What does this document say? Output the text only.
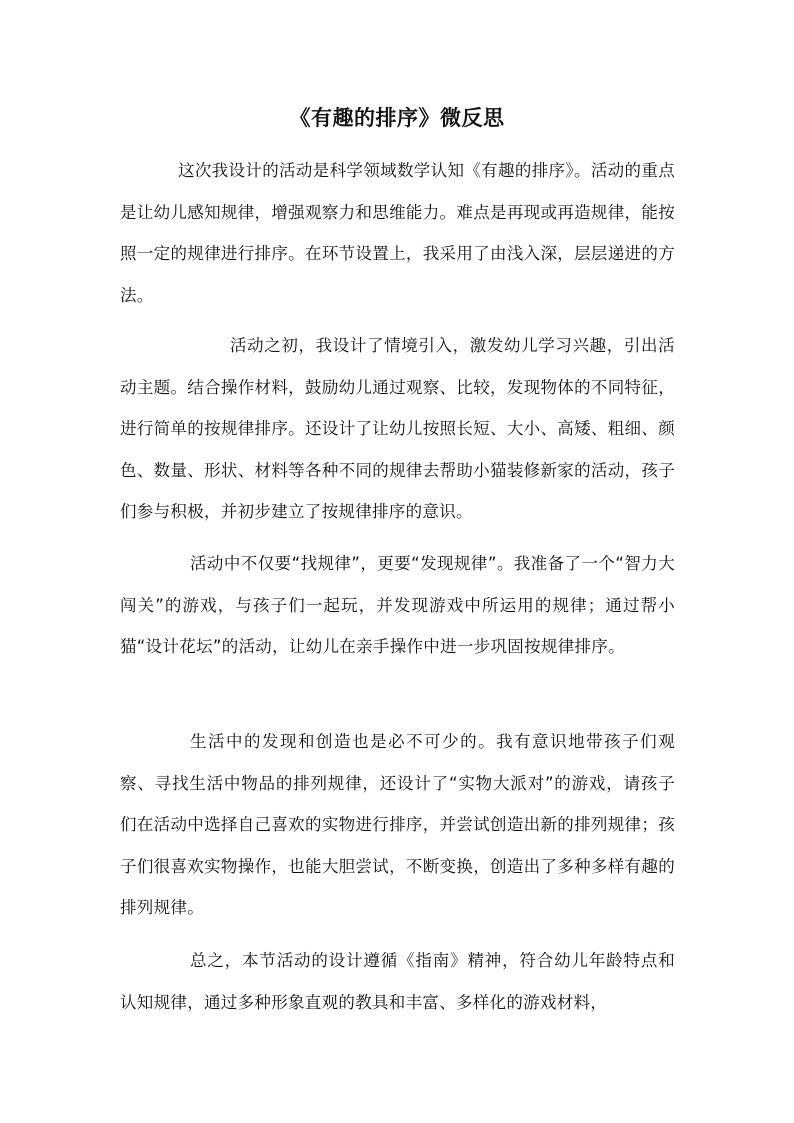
《有趣的排序》微反思

这次我设计的活动是科学领域数学认知《有趣的排序》。活动的重点是让幼儿感知规律，增强观察力和思维能力。难点是再现或再造规律，能按照一定的规律进行排序。在环节设置上，我采用了由浅入深，层层递进的方法。

活动之初，我设计了情境引入，激发幼儿学习兴趣，引出活动主题。结合操作材料，鼓励幼儿通过观察、比较，发现物体的不同特征，进行简单的按规律排序。还设计了让幼儿按照长短、大小、高矮、粗细、颜色、数量、形状、材料等各种不同的规律去帮助小猫装修新家的活动，孩子们参与积极，并初步建立了按规律排序的意识。

活动中不仅要“找规律”，更要“发现规律”。我准备了一个“智力大闯关”的游戏，与孩子们一起玩，并发现游戏中所运用的规律；通过帮小猫“设计花坛”的活动，让幼儿在亲手操作中进一步巩固按规律排序。

生活中的发现和创造也是必不可少的。我有意识地带孩子们观察、寻找生活中物品的排列规律，还设计了“实物大派对”的游戏，请孩子们在活动中选择自己喜欢的实物进行排序，并尝试创造出新的排列规律；孩子们很喜欢实物操作，也能大胆尝试，不断变换，创造出了多种多样有趣的排列规律。

总之，本节活动的设计遵循《指南》精神，符合幼儿年龄特点和认知规律，通过多种形象直观的教具和丰富、多样化的游戏材料，
